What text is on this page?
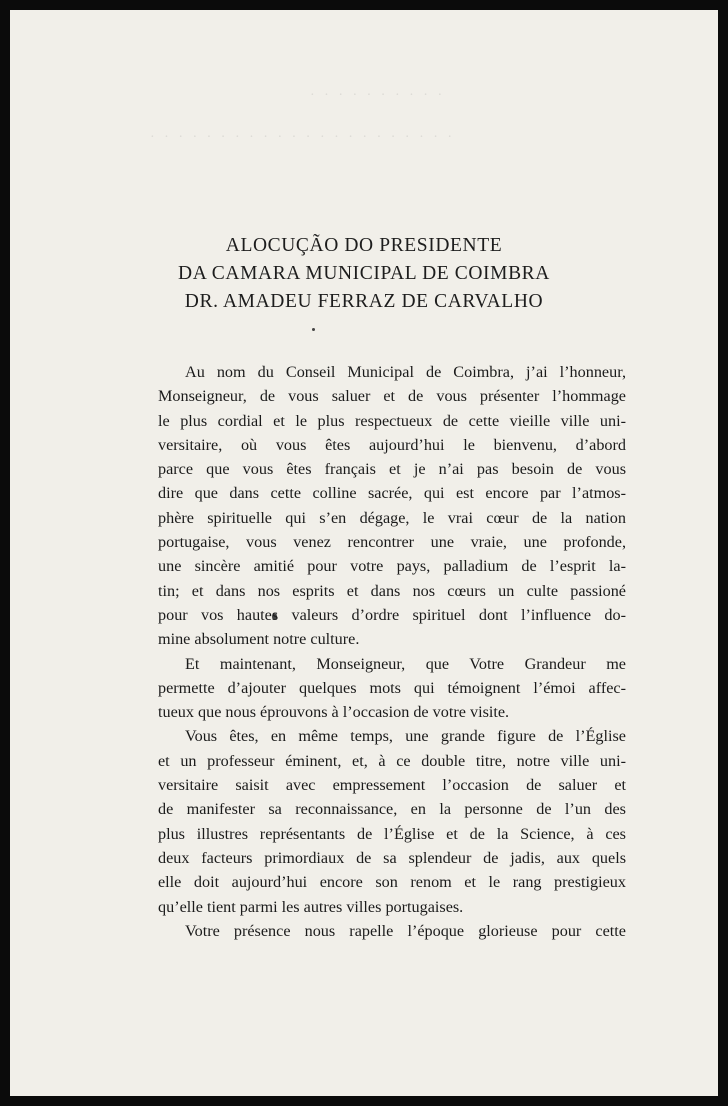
· · · · · · · · · ·
· · · · · · · · · · · · · · · · · · · · · ·
ALOCUÇÃO DO PRESIDENTE
DA CAMARA MUNICIPAL DE COIMBRA
DR. AMADEU FERRAZ DE CARVALHO
Au nom du Conseil Municipal de Coimbra, j’ai l’honneur,
Monseigneur, de vous saluer et de vous présenter l’hommage
le plus cordial et le plus respectueux de cette vieille ville uni-
versitaire, où vous êtes aujourd’hui le bienvenu, d’abord
parce que vous êtes français et je n’ai pas besoin de vous
dire que dans cette colline sacrée, qui est encore par l’atmos-
phère spirituelle qui s’en dégage, le vrai cœur de la nation
portugaise, vous venez rencontrer une vraie, une profonde,
une sincère amitié pour votre pays, palladium de l’esprit la-
tin; et dans nos esprits et dans nos cœurs un culte passioné
pour vos hautes valeurs d’ordre spirituel dont l’influence do-
mine absolument notre culture.
Et maintenant, Monseigneur, que Votre Grandeur me
permette d’ajouter quelques mots qui témoignent l’émoi affec-
tueux que nous éprouvons à l’occasion de votre visite.
Vous êtes, en même temps, une grande figure de l’Église
et un professeur éminent, et, à ce double titre, notre ville uni-
versitaire saisit avec empressement l’occasion de saluer et
de manifester sa reconnaissance, en la personne de l’un des
plus illustres représentants de l’Église et de la Science, à ces
deux facteurs primordiaux de sa splendeur de jadis, aux quels
elle doit aujourd’hui encore son renom et le rang prestigieux
qu’elle tient parmi les autres villes portugaises.
Votre présence nous rapelle l’époque glorieuse pour cette
